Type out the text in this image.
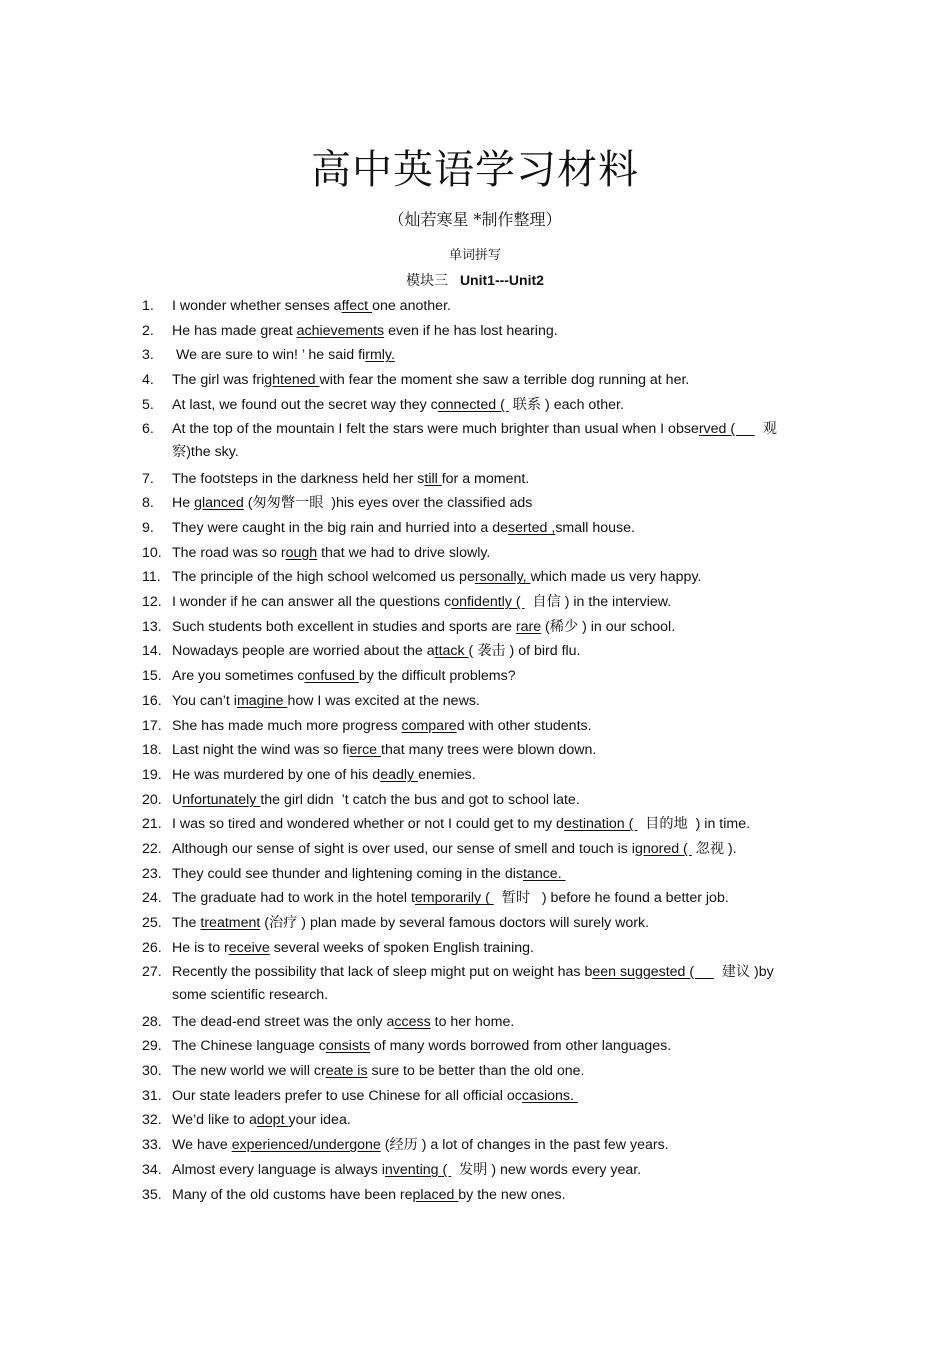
高中英语学习材料
（灿若寒星 *制作整理）
单词拼写
模块三 Unit1---Unit2
1.	I wonder whether senses affect one another.
2.	He has made great achievements even if he has lost hearing.
3.	We are sure to win! ’ he said firmly.
4.	The girl was frightened with fear the moment she saw a terrible dog running at her.
5.	At last, we found out the secret way they connected (  联系 ) each other.
6.	At the top of the mountain I felt the stars were much brighter than usual when I observed (       观察)the sky.
7.	The footsteps in the darkness held her still for a moment.
8.	He glanced (匆匆瞥一眼  )his eyes over the classified ads
9.	They were caught in the big rain and hurried into a deserted ,small house.
10. The road was so rough that we had to drive slowly.
11. The principle of the high school welcomed us personally, which made us very happy.
12. I wonder if he can answer all the questions confidently (   自信 ) in the interview.
13. Such students both excellent in studies and sports are rare (稀少 ) in our school.
14. Nowadays people are worried about the attack ( 袭击 ) of bird flu.
15. Are you sometimes confused by the difficult problems?
16. You can’t imagine how I was excited at the news.
17. She has made much more progress compared with other students.
18. Last night the wind was so fierce that many trees were blown down.
19. He was murdered by one of his deadly enemies.
20. Unfortunately the girl didn  ’t catch the bus and got to school late.
21. I was so tired and wondered whether or not I could get to my destination (   目的地  ) in time.
22. Although our sense of sight is over used, our sense of smell and touch is ignored (  忽视 ).
23. They could see thunder and lightening coming in the distance.
24. The graduate had to work in the hotel temporarily (   暂时   ) before he found a better job.
25. The treatment (治疗 ) plan made by several famous doctors will surely work.
26. He is to receive several weeks of spoken English training.
27. Recently the possibility that lack of sleep might put on weight has been suggested (       建议 )by some scientific research.
28. The dead-end street was the only access to her home.
29. The Chinese language consists of many words borrowed from other languages.
30. The new world we will create is sure to be better than the old one.
31. Our state leaders prefer to use Chinese for all official occasions.
32. We’d like to adopt your idea.
33. We have experienced/undergone (经历 ) a lot of changes in the past few years.
34. Almost every language is always inventing (   发明 ) new words every year.
35. Many of the old customs have been replaced by the new ones.
